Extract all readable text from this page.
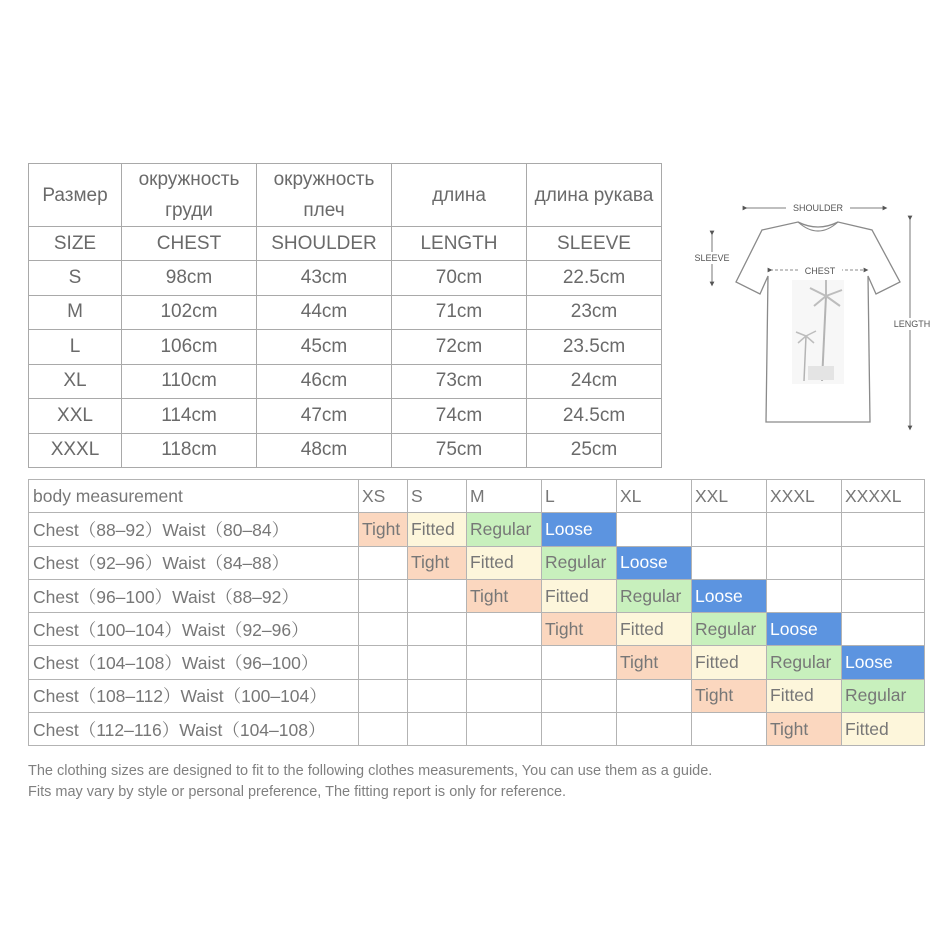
Размер	окружность груди	окружность плеч	длина	длина рукава
SIZE	CHEST	SHOULDER	LENGTH	SLEEVE
S	98cm	43cm	70cm	22.5cm
M	102cm	44cm	71cm	23cm
L	106cm	45cm	72cm	23.5cm
XL	110cm	46cm	73cm	24cm
XXL	114cm	47cm	74cm	24.5cm
XXXL	118cm	48cm	75cm	25cm
SHOULDER
SLEEVE
CHEST
LENGTH
body measurement	XS	S	M	L	XL	XXL	XXXL	XXXXL
Chest（88–92）Waist（80–84）	Tight	Fitted	Regular	Loose				
Chest（92–96）Waist（84–88）		Tight	Fitted	Regular	Loose			
Chest（96–100）Waist（88–92）			Tight	Fitted	Regular	Loose		
Chest（100–104）Waist（92–96）				Tight	Fitted	Regular	Loose	
Chest（104–108）Waist（96–100）					Tight	Fitted	Regular	Loose
Chest（108–112）Waist（100–104）						Tight	Fitted	Regular
Chest（112–116）Waist（104–108）							Tight	Fitted
The clothing sizes are designed to fit to the following clothes measurements, You can use them as a guide.
Fits may vary by style or personal preference, The fitting report is only for reference.
